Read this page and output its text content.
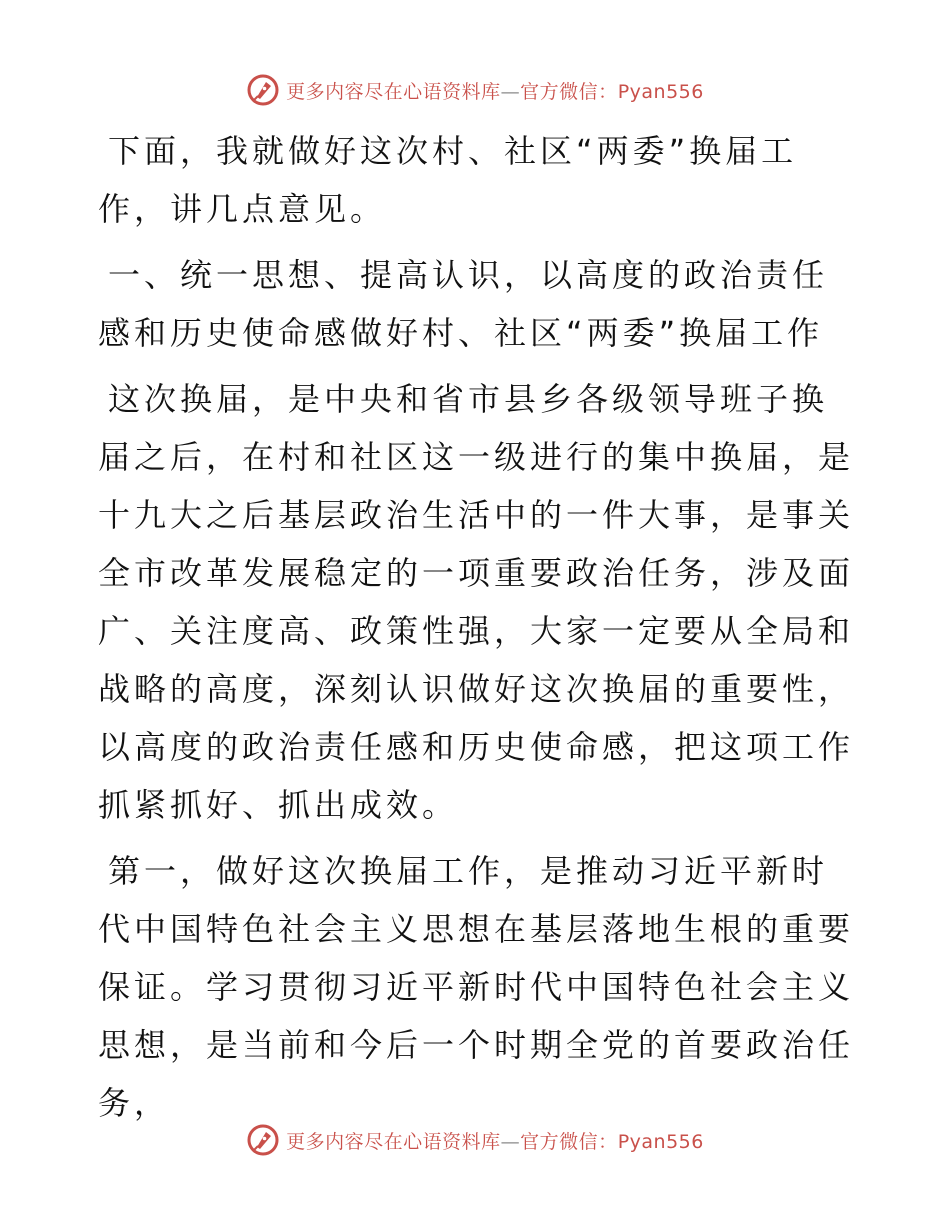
更多内容尽在心语资料库—官方微信：Pyan556

下面，我就做好这次村、社区“两委”换届工作，讲几点意见。

一、统一思想、提高认识，以高度的政治责任感和历史使命感做好村、社区“两委”换届工作

这次换届，是中央和省市县乡各级领导班子换届之后，在村和社区这一级进行的集中换届，是十九大之后基层政治生活中的一件大事，是事关全市改革发展稳定的一项重要政治任务，涉及面广、关注度高、政策性强，大家一定要从全局和战略的高度，深刻认识做好这次换届的重要性，以高度的政治责任感和历史使命感，把这项工作抓紧抓好、抓出成效。

第一，做好这次换届工作，是推动习近平新时代中国特色社会主义思想在基层落地生根的重要保证。学习贯彻习近平新时代中国特色社会主义思想，是当前和今后一个时期全党的首要政治任务，

更多内容尽在心语资料库—官方微信：Pyan556
